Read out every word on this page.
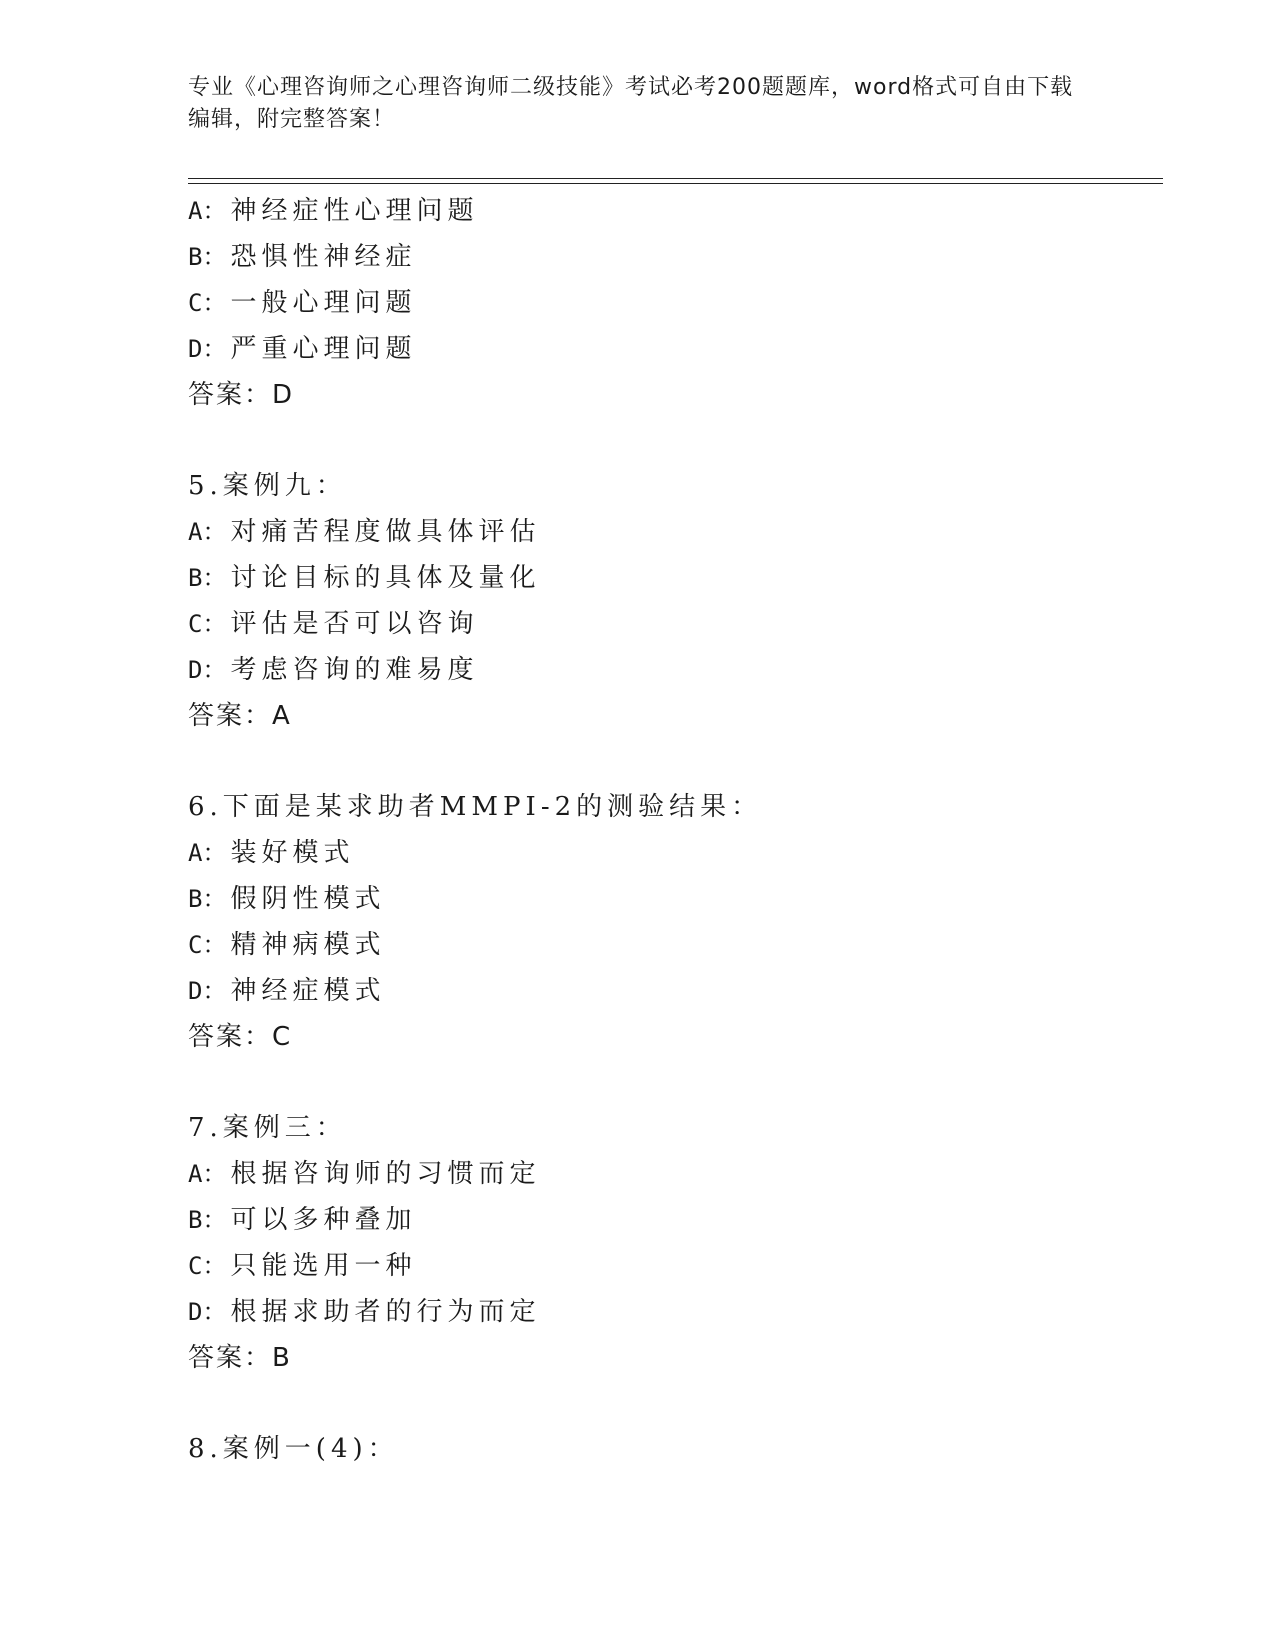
专业《心理咨询师之心理咨询师二级技能》考试必考200题题库，word格式可自由下载编辑，附完整答案！
A ： 神经症性心理问题
B ： 恐惧性神经症
C ： 一般心理问题
D ： 严重心理问题
答案：D
5.案例九：
A ： 对痛苦程度做具体评估
B ： 讨论目标的具体及量化
C ： 评估是否可以咨询
D ： 考虑咨询的难易度
答案：A
6.下面是某求助者MMPI-2的测验结果：
A ： 装好模式
B ： 假阴性模式
C ： 精神病模式
D ： 神经症模式
答案：C
7.案例三：
A ： 根据咨询师的习惯而定
B ： 可以多种叠加
C ： 只能选用一种
D ： 根据求助者的行为而定
答案：B
8.案例一(4)：
